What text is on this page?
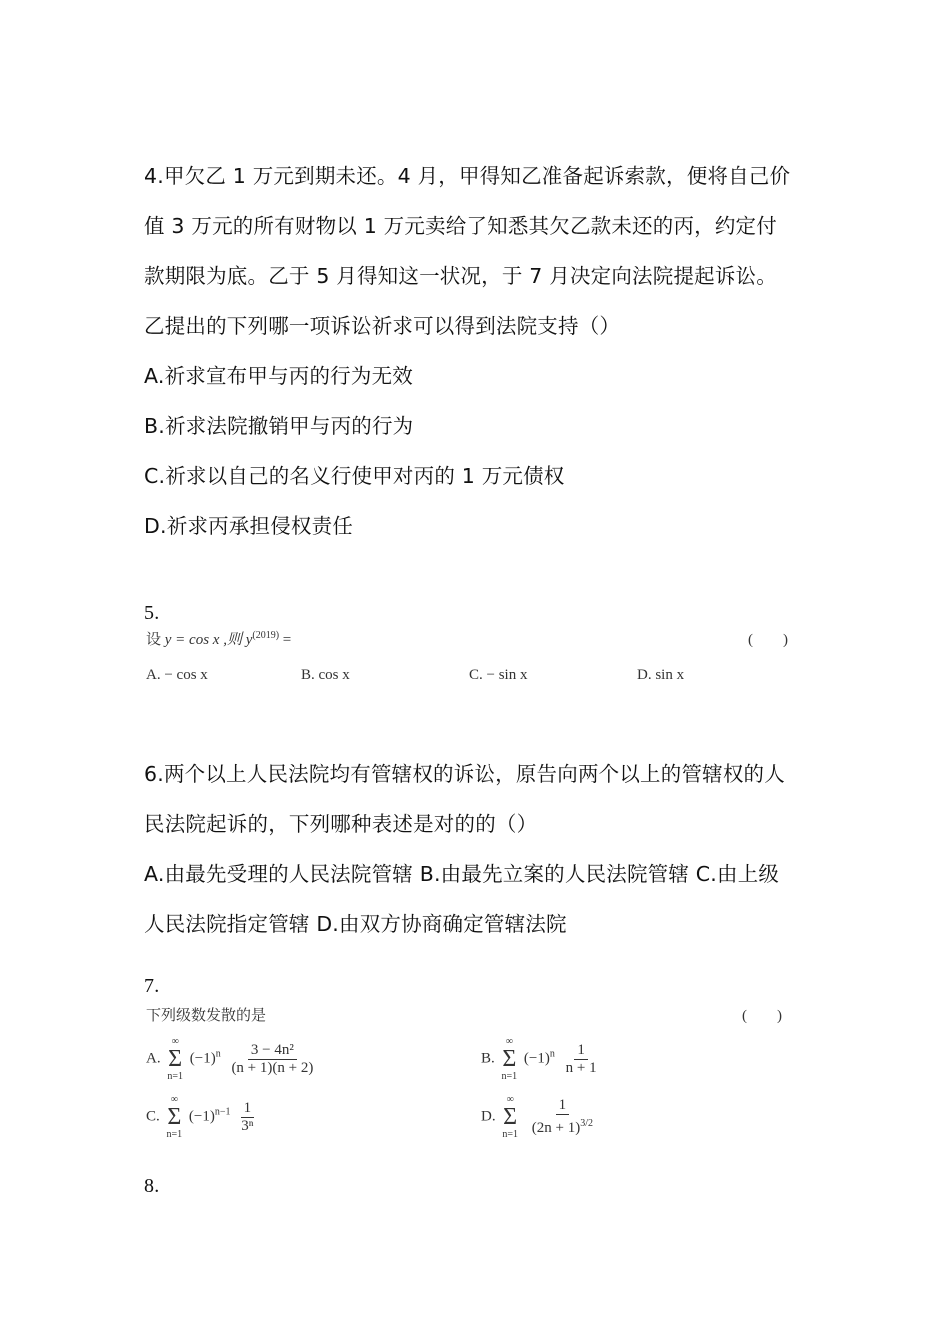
4.甲欠乙 1 万元到期未还。4 月，甲得知乙准备起诉索款，便将自己价
值 3 万元的所有财物以 1 万元卖给了知悉其欠乙款未还的丙，约定付
款期限为底。乙于 5 月得知这一状况，于 7 月决定向法院提起诉讼。
乙提出的下列哪一项诉讼祈求可以得到法院支持（）
A.祈求宣布甲与丙的行为无效
B.祈求法院撤销甲与丙的行为
C.祈求以自己的名义行使甲对丙的 1 万元债权
D.祈求丙承担侵权责任
5.
设 y = cos x ,则 $y^{(2019)}$ =	(　　)
A. − cos x	B. cos x	C. − sin x	D. sin x
6.两个以上人民法院均有管辖权的诉讼，原告向两个以上的管辖权的人
民法院起诉的，下列哪种表述是对的的（）
A.由最先受理的人民法院管辖 B.由最先立案的人民法院管辖 C.由上级
人民法院指定管辖 D.由双方协商确定管辖法院
7.
下列级数发散的是	(　　)
A.
∞
Σ
n=1
$(-1)^n \frac{\text{3 − 4n²}}{(n + 1)(n + 2)}$	B.
∞
Σ
n=1
$(-1)^n \frac{1}{n + 1}$
C.
∞
Σ
n=1
$(-1)^{n-1} \frac{1}{\text{3ⁿ}}$	D.
∞
Σ
n=1
$\frac{1}{(2n + 1)^{3/2}}$
8.
